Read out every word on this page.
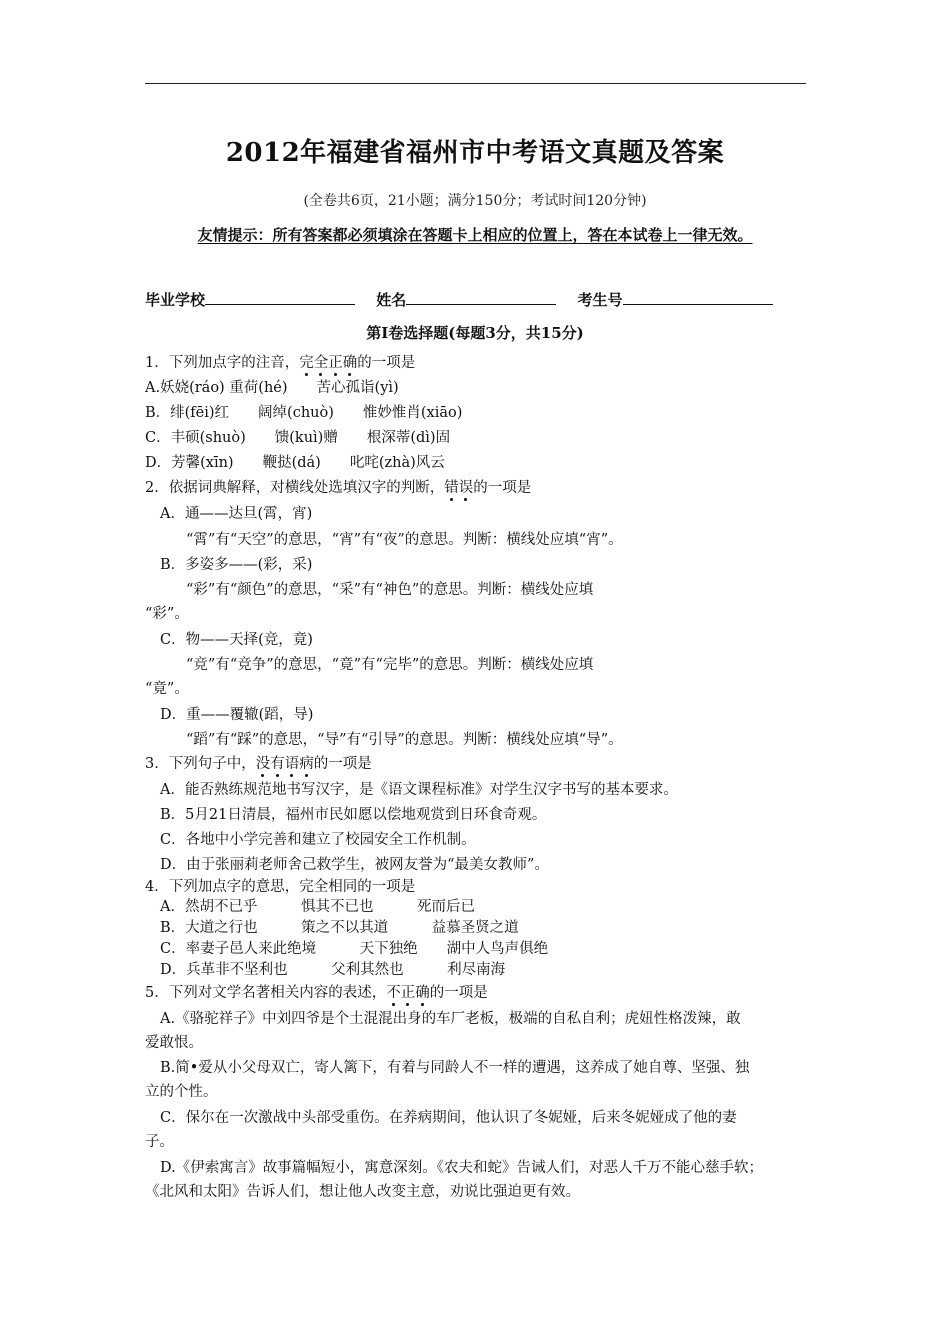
2012年福建省福州市中考语文真题及答案
(全卷共6页，21小题；满分150分；考试时间120分钟)
友情提示：所有答案都必须填涂在答题卡上相应的位置上，答在本试卷上一律无效。
毕业学校	姓名	考生号
第Ⅰ卷选择题(每题3分，共15分)
1．下列加点字的注音，完全正确的一项是
A.妖娆(ráo) 重荷(hé)　　苦心孤诣(yì)
B．绯(fēi)红　　阔绰(chuò)　　惟妙惟肖(xiāo)
C．丰硕(shuò)　　馈(kuì)赠　　根深蒂(dì)固
D．芳馨(xīn)　　鞭挞(dá)　　叱咤(zhà)风云
2．依据词典解释，对横线处选填汉字的判断，错误的一项是
A．通——达旦(霄，宵)
“霄”有“天空”的意思，“宵”有“夜”的意思。判断：横线处应填“宵”。
B．多姿多——(彩，采)
“彩”有“颜色”的意思，“采”有“神色”的意思。判断：横线处应填
“彩”。
C．物——天择(竞，竟)
“竞”有“竞争”的意思，“竟”有“完毕”的意思。判断：横线处应填
“竟”。
D．重——覆辙(蹈，导)
“蹈”有“踩”的意思，“导”有“引导”的意思。判断：横线处应填“导”。
3．下列句子中，没有语病的一项是
A．能否熟练规范地书写汉字，是《语文课程标准》对学生汉字书写的基本要求。
B．5月21日清晨，福州市民如愿以偿地观赏到日环食奇观。
C．各地中小学完善和建立了校园安全工作机制。
D．由于张丽莉老师舍己救学生，被网友誉为“最美女教师”。
4．下列加点字的意思，完全相同的一项是
A．然胡不已乎　　　惧其不已也　　　死而后已
B．大道之行也　　　策之不以其道　　　益慕圣贤之道
C．率妻子邑人来此绝境　　　天下独绝　　湖中人鸟声俱绝
D．兵革非不坚利也　　　父利其然也　　　利尽南海
5．下列对文学名著相关内容的表述，不正确的一项是
A.《骆驼祥子》中刘四爷是个土混混出身的车厂老板，极端的自私自利；虎妞性格泼辣，敢
爱敢恨。
B.简•爱从小父母双亡，寄人篱下，有着与同龄人不一样的遭遇，这养成了她自尊、坚强、独
立的个性。
C．保尔在一次激战中头部受重伤。在养病期间，他认识了冬妮娅，后来冬妮娅成了他的妻
子。
D.《伊索寓言》故事篇幅短小，寓意深刻。《农夫和蛇》告诫人们，对恶人千万不能心慈手软；
《北风和太阳》告诉人们，想让他人改变主意，劝说比强迫更有效。
